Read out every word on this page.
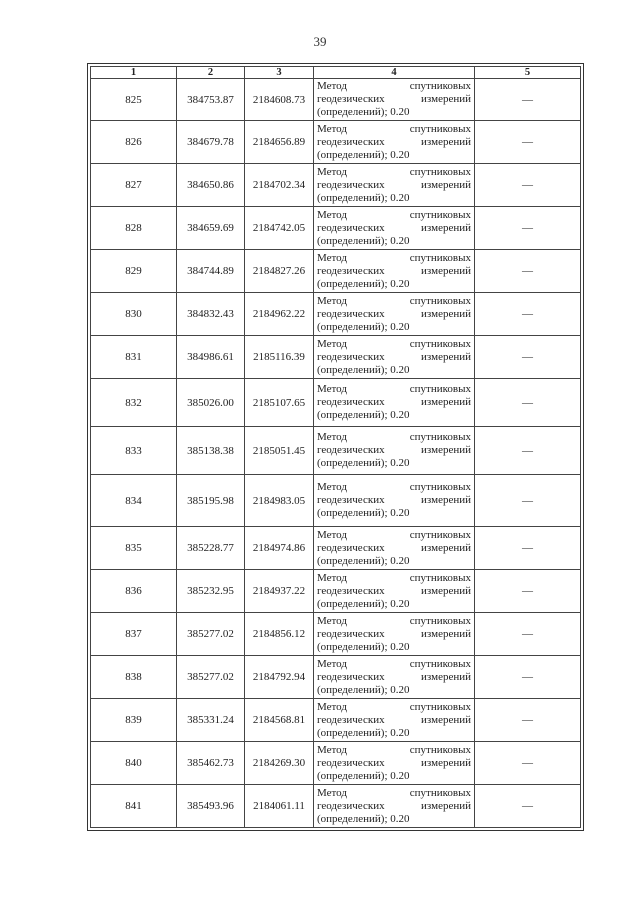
39
1	2	3	4	5
825	384753.87	2184608.73	Метод спутниковых
геодезических измерений
(определений); 0.20	—
826	384679.78	2184656.89	Метод спутниковых
геодезических измерений
(определений); 0.20	—
827	384650.86	2184702.34	Метод спутниковых
геодезических измерений
(определений); 0.20	—
828	384659.69	2184742.05	Метод спутниковых
геодезических измерений
(определений); 0.20	—
829	384744.89	2184827.26	Метод спутниковых
геодезических измерений
(определений); 0.20	—
830	384832.43	2184962.22	Метод спутниковых
геодезических измерений
(определений); 0.20	—
831	384986.61	2185116.39	Метод спутниковых
геодезических измерений
(определений); 0.20	—
832	385026.00	2185107.65	Метод спутниковых
геодезических измерений
(определений); 0.20	—
833	385138.38	2185051.45	Метод спутниковых
геодезических измерений
(определений); 0.20	—
834	385195.98	2184983.05	Метод спутниковых
геодезических измерений
(определений); 0.20	—
835	385228.77	2184974.86	Метод спутниковых
геодезических измерений
(определений); 0.20	—
836	385232.95	2184937.22	Метод спутниковых
геодезических измерений
(определений); 0.20	—
837	385277.02	2184856.12	Метод спутниковых
геодезических измерений
(определений); 0.20	—
838	385277.02	2184792.94	Метод спутниковых
геодезических измерений
(определений); 0.20	—
839	385331.24	2184568.81	Метод спутниковых
геодезических измерений
(определений); 0.20	—
840	385462.73	2184269.30	Метод спутниковых
геодезических измерений
(определений); 0.20	—
841	385493.96	2184061.11	Метод спутниковых
геодезических измерений
(определений); 0.20	—
